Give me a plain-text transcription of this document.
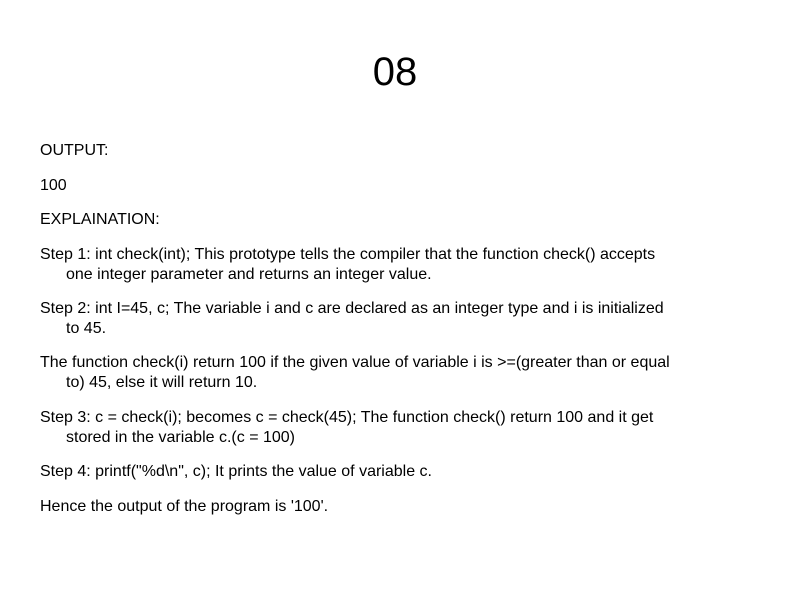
08
OUTPUT:
100
EXPLAINATION:
Step 1: int check(int); This prototype tells the compiler that the function check() accepts
one integer parameter and returns an integer value.
Step 2: int I=45, c; The variable i and c are declared as an integer type and i is initialized
to 45.
The function check(i) return 100 if the given value of variable i is >=(greater than or equal
to) 45, else it will return 10.
Step 3: c = check(i); becomes c = check(45); The function check() return 100 and it get
stored in the variable c.(c = 100)
Step 4: printf("%d\n", c); It prints the value of variable c.
Hence the output of the program is '100'.
